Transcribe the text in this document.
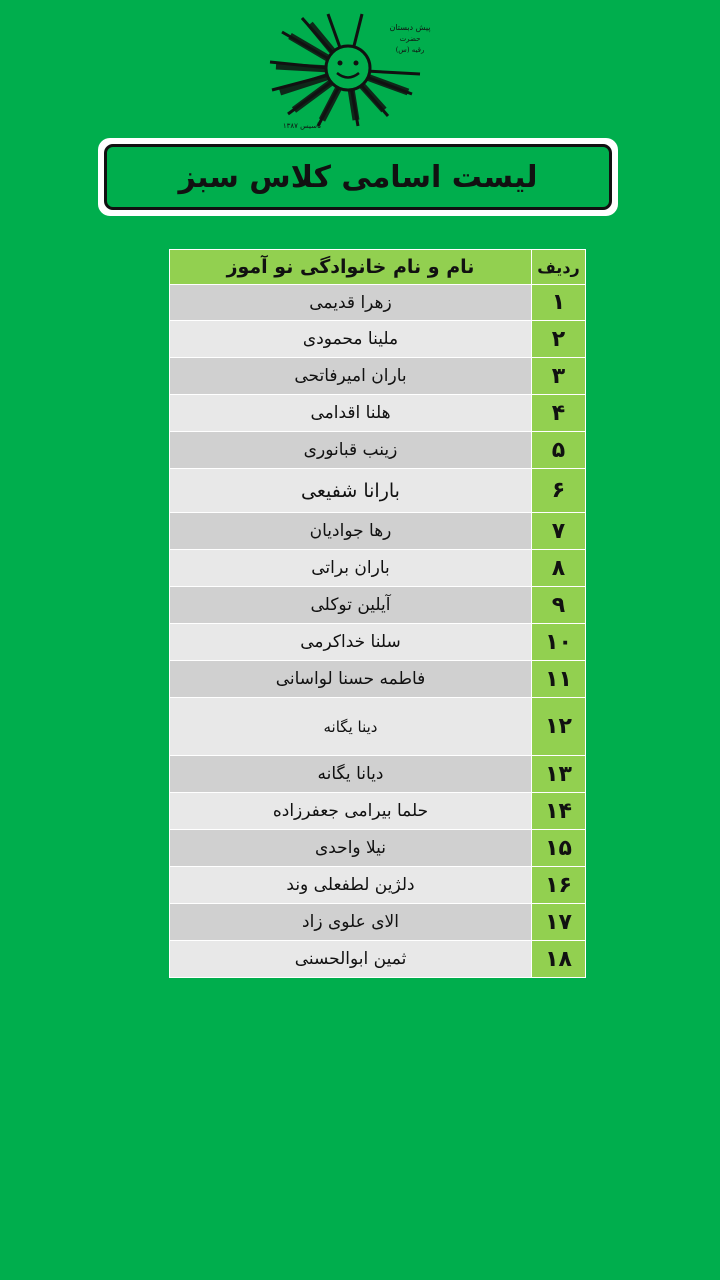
پیش دبستان
حضرت
رقیه (س)
تاسیس ۱۳۸۷
لیست اسامی کلاس سبز
ردیف	نام و نام خانوادگی نو آموز
۱	زهرا قدیمی
۲	ملینا محمودی
۳	باران امیرفاتحی
۴	هلنا اقدامی
۵	زینب قبانوری
۶	بارانا شفیعی
۷	رها جوادیان
۸	باران براتی
۹	آیلین توکلی
۱۰	سلنا خداکرمی
۱۱	فاطمه حسنا لواسانی
۱۲	دینا یگانه
۱۳	دیانا یگانه
۱۴	حلما بیرامی جعفرزاده
۱۵	نیلا واحدی
۱۶	دلژین لطفعلی وند
۱۷	الای علوی زاد
۱۸	ثمین ابوالحسنی
